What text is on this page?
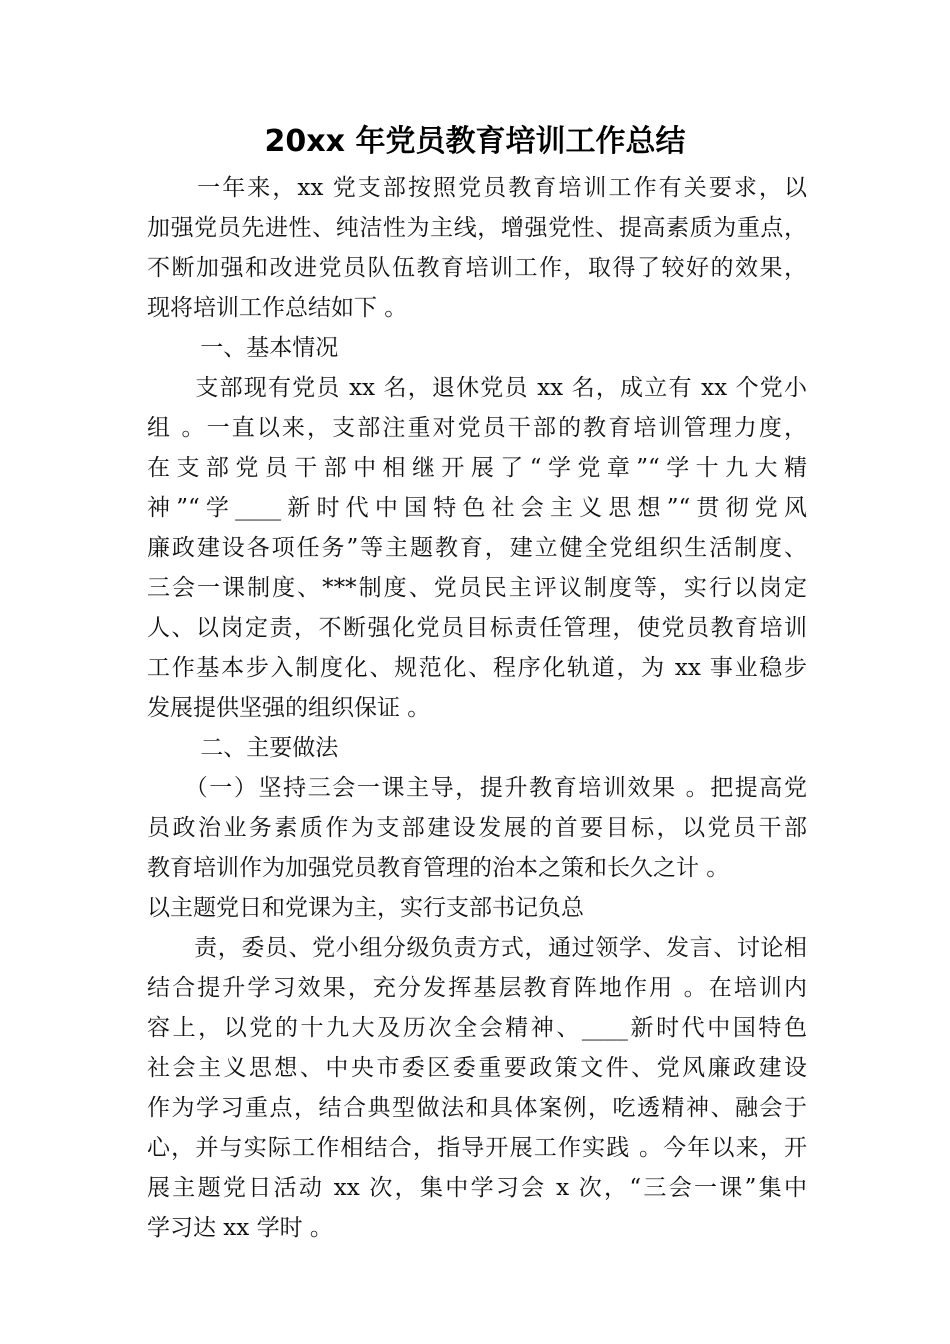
20xx 年党员教育培训工作总结

　　一年来，xx 党支部按照党员教育培训工作有关要求，以

加强党员先进性、纯洁性为主线，增强党性、提高素质为重点，

不断加强和改进党员队伍教育培训工作，取得了较好的效果，

现将培训工作总结如下 。

　　 一、基本情况

　　支部现有党员 xx 名，退休党员 xx 名，成立有 xx 个党小

组 。一直以来，支部注重对党员干部的教育培训管理力度，

在支部党员干部中相继开展了“学党章”“学十九大精

神”“学____新时代中国特色社会主义思想”“贯彻党风

廉政建设各项任务”等主题教育，建立健全党组织生活制度、

三会一课制度、***制度、党员民主评议制度等，实行以岗定

人、以岗定责，不断强化党员目标责任管理，使党员教育培训

工作基本步入制度化、规范化、程序化轨道，为 xx 事业稳步

发展提供坚强的组织保证 。

　　 二、主要做法

　　（一）坚持三会一课主导，提升教育培训效果 。把提高党

员政治业务素质作为支部建设发展的首要目标，以党员干部

教育培训作为加强党员教育管理的治本之策和长久之计 。

以主题党日和党课为主，实行支部书记负总

　　责，委员、党小组分级负责方式，通过领学、发言、讨论相

结合提升学习效果，充分发挥基层教育阵地作用 。在培训内

容上，以党的十九大及历次全会精神、____新时代中国特色

社会主义思想、中央市委区委重要政策文件、党风廉政建设

作为学习重点，结合典型做法和具体案例，吃透精神、融会于

心，并与实际工作相结合，指导开展工作实践 。今年以来，开

展主题党日活动 xx 次，集中学习会 x 次，“三会一课”集中

学习达 xx 学时 。
